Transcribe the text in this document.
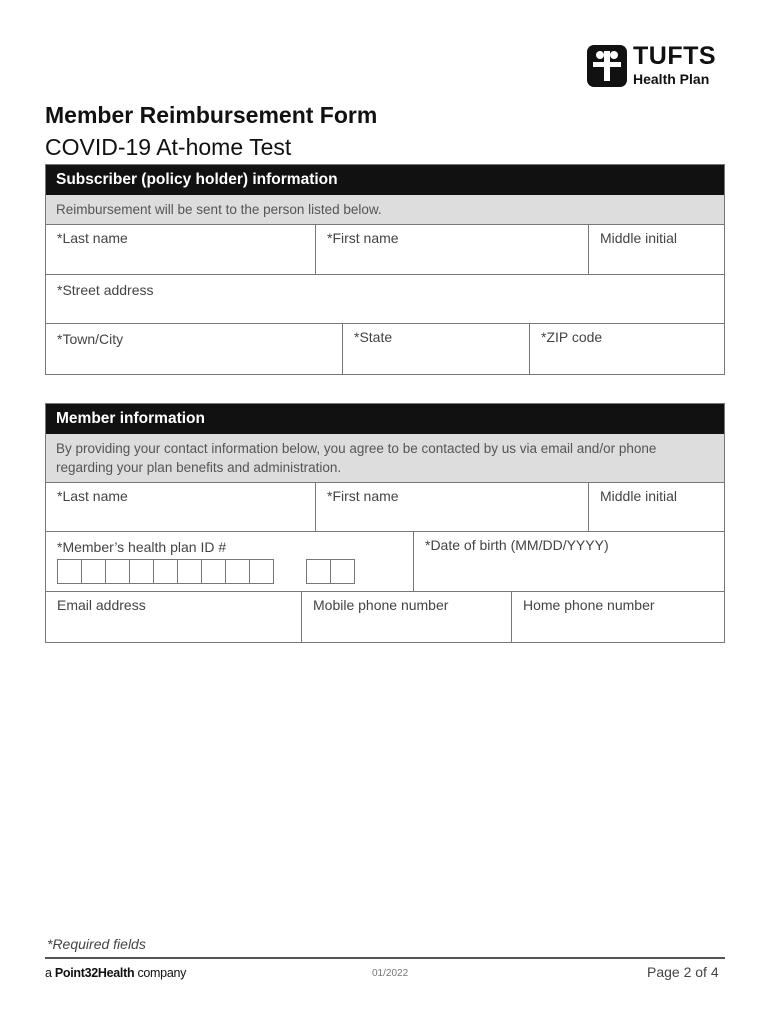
TUFTS
Health Plan
Member Reimbursement Form
COVID-19 At-home Test
Subscriber (policy holder) information
Reimbursement will be sent to the person listed below.
*Last name	*First name	Middle initial
*Street address
*Town/City	*State	*ZIP code
Member information
By providing your contact information below, you agree to be contacted by us via email and/or phone regarding your plan benefits and administration.
*Last name	*First name	Middle initial
*Member’s health plan ID #	*Date of birth (MM/DD/YYYY)
Email address	Mobile phone number	Home phone number
*Required fields
a Point32Health company	01/2022	Page 2 of 4
